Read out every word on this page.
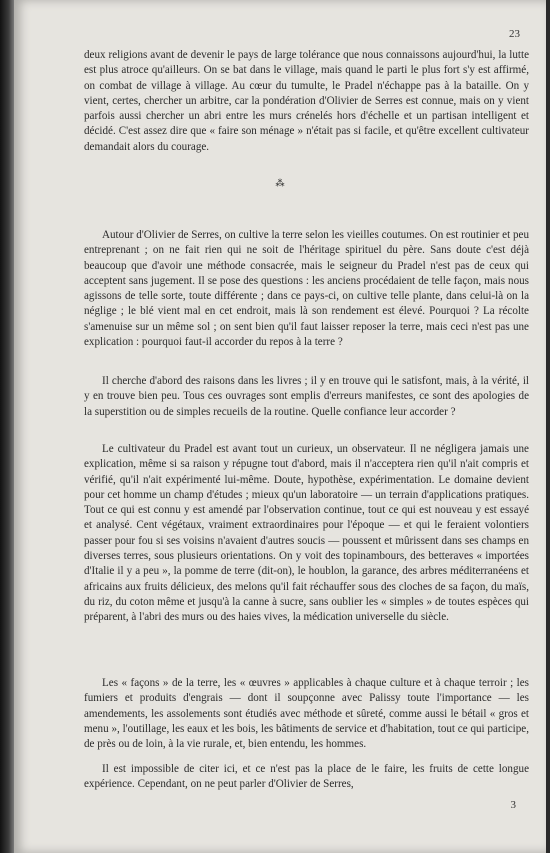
23

deux religions avant de devenir le pays de large tolérance que nous connaissons aujourd'hui, la lutte est plus atroce qu'ailleurs. On se bat dans le village, mais quand le parti le plus fort s'y est affirmé, on combat de village à village. Au cœur du tumulte, le Pradel n'échappe pas à la bataille. On y vient, certes, chercher un arbitre, car la pondération d'Olivier de Serres est connue, mais on y vient parfois aussi chercher un abri entre les murs crénelés hors d'échelle et un partisan intelligent et décidé. C'est assez dire que « faire son ménage » n'était pas si facile, et qu'être excellent cultivateur demandait alors du courage.

⁂

Autour d'Olivier de Serres, on cultive la terre selon les vieilles coutumes. On est routinier et peu entreprenant ; on ne fait rien qui ne soit de l'héritage spirituel du père. Sans doute c'est déjà beaucoup que d'avoir une méthode consacrée, mais le seigneur du Pradel n'est pas de ceux qui acceptent sans jugement. Il se pose des questions : les anciens procédaient de telle façon, mais nous agissons de telle sorte, toute différente ; dans ce pays-ci, on cultive telle plante, dans celui-là on la néglige ; le blé vient mal en cet endroit, mais là son rendement est élevé. Pourquoi ? La récolte s'amenuise sur un même sol ; on sent bien qu'il faut laisser reposer la terre, mais ceci n'est pas une explication : pourquoi faut-il accorder du repos à la terre ?

Il cherche d'abord des raisons dans les livres ; il y en trouve qui le satisfont, mais, à la vérité, il y en trouve bien peu. Tous ces ouvrages sont emplis d'erreurs manifestes, ce sont des apologies de la superstition ou de simples recueils de la routine. Quelle confiance leur accorder ?

Le cultivateur du Pradel est avant tout un curieux, un observateur. Il ne négligera jamais une explication, même si sa raison y répugne tout d'abord, mais il n'acceptera rien qu'il n'ait compris et vérifié, qu'il n'ait expérimenté lui-même. Doute, hypothèse, expérimentation. Le domaine devient pour cet homme un champ d'études ; mieux qu'un laboratoire — un terrain d'applications pratiques. Tout ce qui est connu y est amendé par l'observation continue, tout ce qui est nouveau y est essayé et analysé. Cent végétaux, vraiment extraordinaires pour l'époque — et qui le feraient volontiers passer pour fou si ses voisins n'avaient d'autres soucis — poussent et mûrissent dans ses champs en diverses terres, sous plusieurs orientations. On y voit des topinambours, des betteraves « importées d'Italie il y a peu », la pomme de terre (dit-on), le houblon, la garance, des arbres méditerranéens et africains aux fruits délicieux, des melons qu'il fait réchauffer sous des cloches de sa façon, du maïs, du riz, du coton même et jusqu'à la canne à sucre, sans oublier les « simples » de toutes espèces qui préparent, à l'abri des murs ou des haies vives, la médication universelle du siècle.

Les « façons » de la terre, les « œuvres » applicables à chaque culture et à chaque terroir ; les fumiers et produits d'engrais — dont il soupçonne avec Palissy toute l'importance — les amendements, les assolements sont étudiés avec méthode et sûreté, comme aussi le bétail « gros et menu », l'outillage, les eaux et les bois, les bâtiments de service et d'habitation, tout ce qui participe, de près ou de loin, à la vie rurale, et, bien entendu, les hommes.

Il est impossible de citer ici, et ce n'est pas la place de le faire, les fruits de cette longue expérience. Cependant, on ne peut parler d'Olivier de Serres,

3
